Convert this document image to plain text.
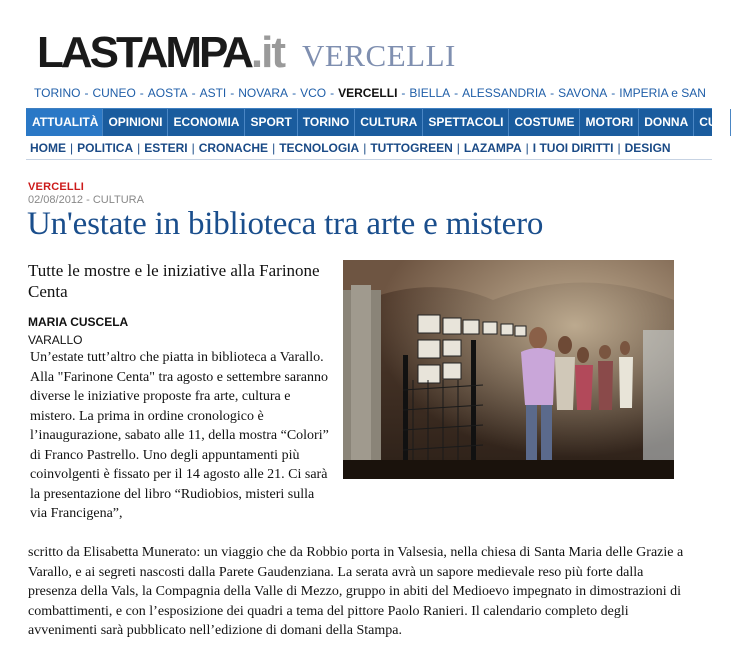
LASTAMPA .it VERCELLI
TORINO - CUNEO - AOSTA - ASTI - NOVARA - VCO - VERCELLI - BIELLA - ALESSANDRIA - SAVONA - IMPERIA e SAN
ATTUALITÀ OPINIONI ECONOMIA SPORT TORINO CULTURA SPETTACOLI COSTUME MOTORI DONNA CUC
HOME | POLITICA | ESTERI | CRONACHE | TECNOLOGIA | TUTTOGREEN | LAZAMPA | I TUOI DIRITTI | DESIGN
VERCELLI
02/08/2012 - CULTURA
Un'estate in biblioteca tra arte e mistero
Tutte le mostre e le iniziative alla Farinone Centa
MARIA CUSCELA
VARALLO

Un’estate tutt’altro che piatta in biblioteca a Varallo. Alla "Farinone Centa" tra agosto e settembre saranno diverse le iniziative proposte fra arte, cultura e mistero. La prima in ordine cronologico è l’inaugurazione, sabato alle 11, della mostra “Colori” di Franco Pastrello. Uno degli appuntamenti più coinvolgenti è fissato per il 14 agosto alle 21. Ci sarà la presentazione del libro “Rudiobios, misteri sulla via Francigena”,

scritto da Elisabetta Munerato: un viaggio che da Robbio porta in Valsesia, nella chiesa di Santa Maria delle Grazie a Varallo, e ai segreti nascosti dalla Parete Gaudenziana. La serata avrà un sapore medievale reso più forte dalla presenza della Vals, la Compagnia della Valle di Mezzo, gruppo in abiti del Medioevo impegnato in dimostrazioni di combattimenti, e con l’esposizione dei quadri a tema del pittore Paolo Ranieri. Il calendario completo degli avvenimenti sarà pubblicato nell’edizione di domani della Stampa.
